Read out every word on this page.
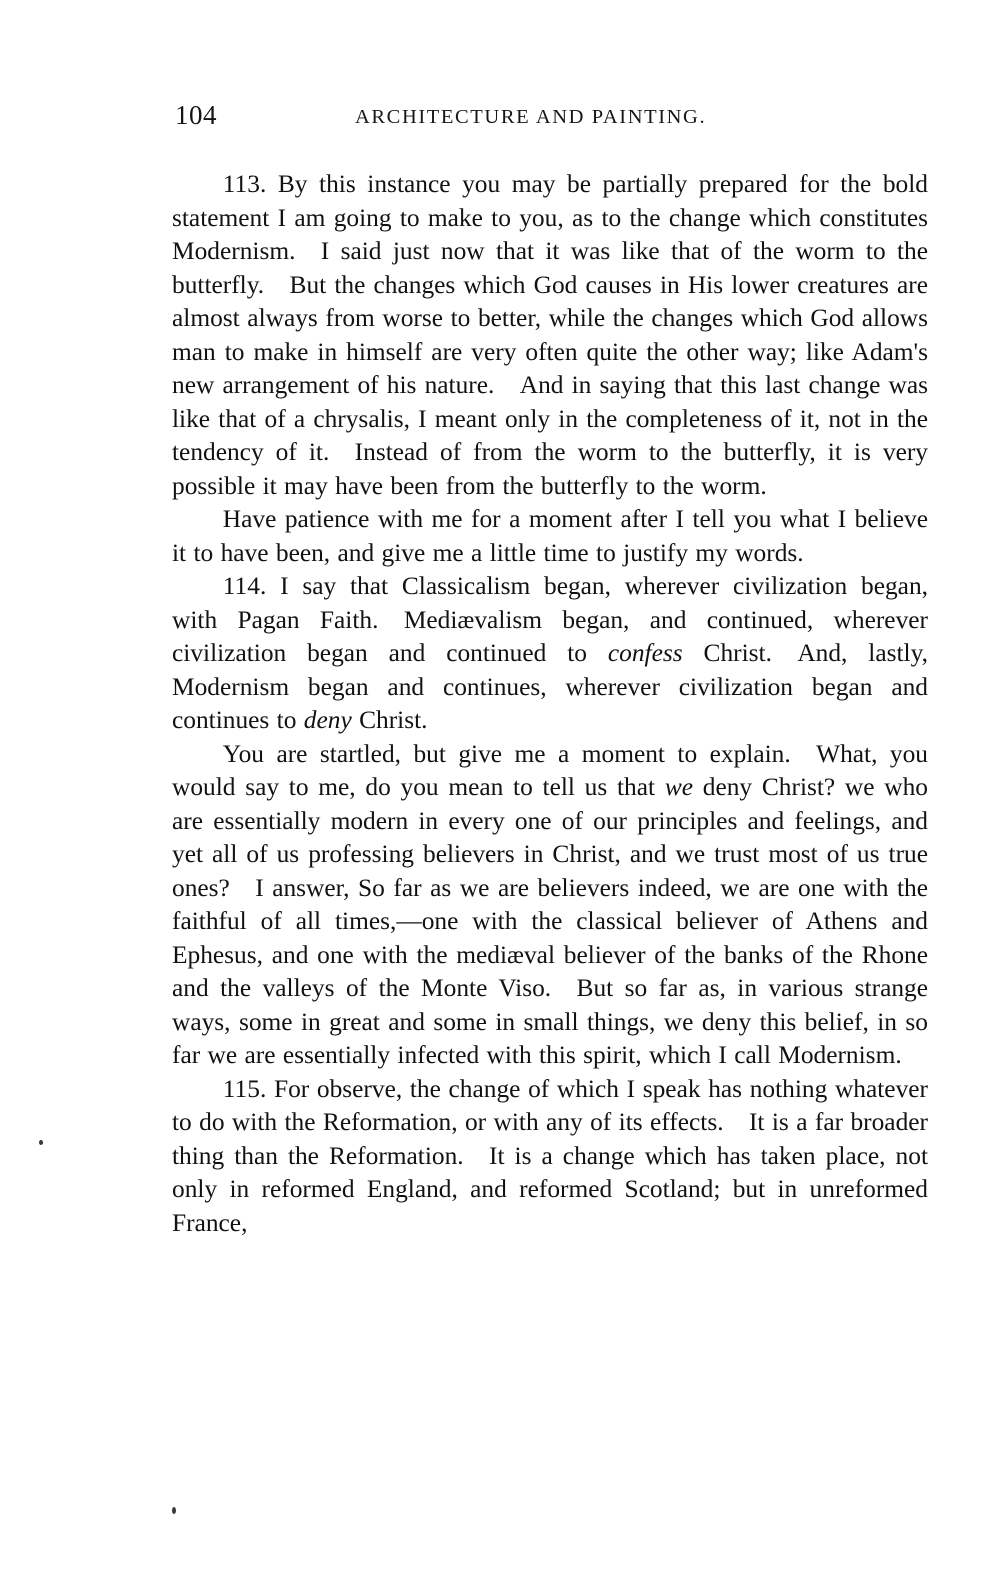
104	ARCHITECTURE AND PAINTING.

113. By this instance you may be partially prepared for the bold statement I am going to make to you, as to the change which constitutes Modernism. I said just now that it was like that of the worm to the butterfly. But the changes which God causes in His lower creatures are almost always from worse to better, while the changes which God allows man to make in himself are very often quite the other way; like Adam's new arrangement of his nature. And in saying that this last change was like that of a chrysalis, I meant only in the completeness of it, not in the tendency of it. Instead of from the worm to the butterfly, it is very possible it may have been from the butterfly to the worm.

Have patience with me for a moment after I tell you what I believe it to have been, and give me a little time to justify my words.

114. I say that Classicalism began, wherever civilization began, with Pagan Faith. Mediævalism began, and continued, wherever civilization began and continued to confess Christ. And, lastly, Modernism began and continues, wherever civilization began and continues to deny Christ.

You are startled, but give me a moment to explain. What, you would say to me, do you mean to tell us that we deny Christ? we who are essentially modern in every one of our principles and feelings, and yet all of us professing believers in Christ, and we trust most of us true ones? I answer, So far as we are believers indeed, we are one with the faithful of all times,—one with the classical believer of Athens and Ephesus, and one with the mediæval believer of the banks of the Rhone and the valleys of the Monte Viso. But so far as, in various strange ways, some in great and some in small things, we deny this belief, in so far we are essentially infected with this spirit, which I call Modernism.

115. For observe, the change of which I speak has nothing whatever to do with the Reformation, or with any of its effects. It is a far broader thing than the Reformation. It is a change which has taken place, not only in reformed England, and reformed Scotland; but in unreformed France,
